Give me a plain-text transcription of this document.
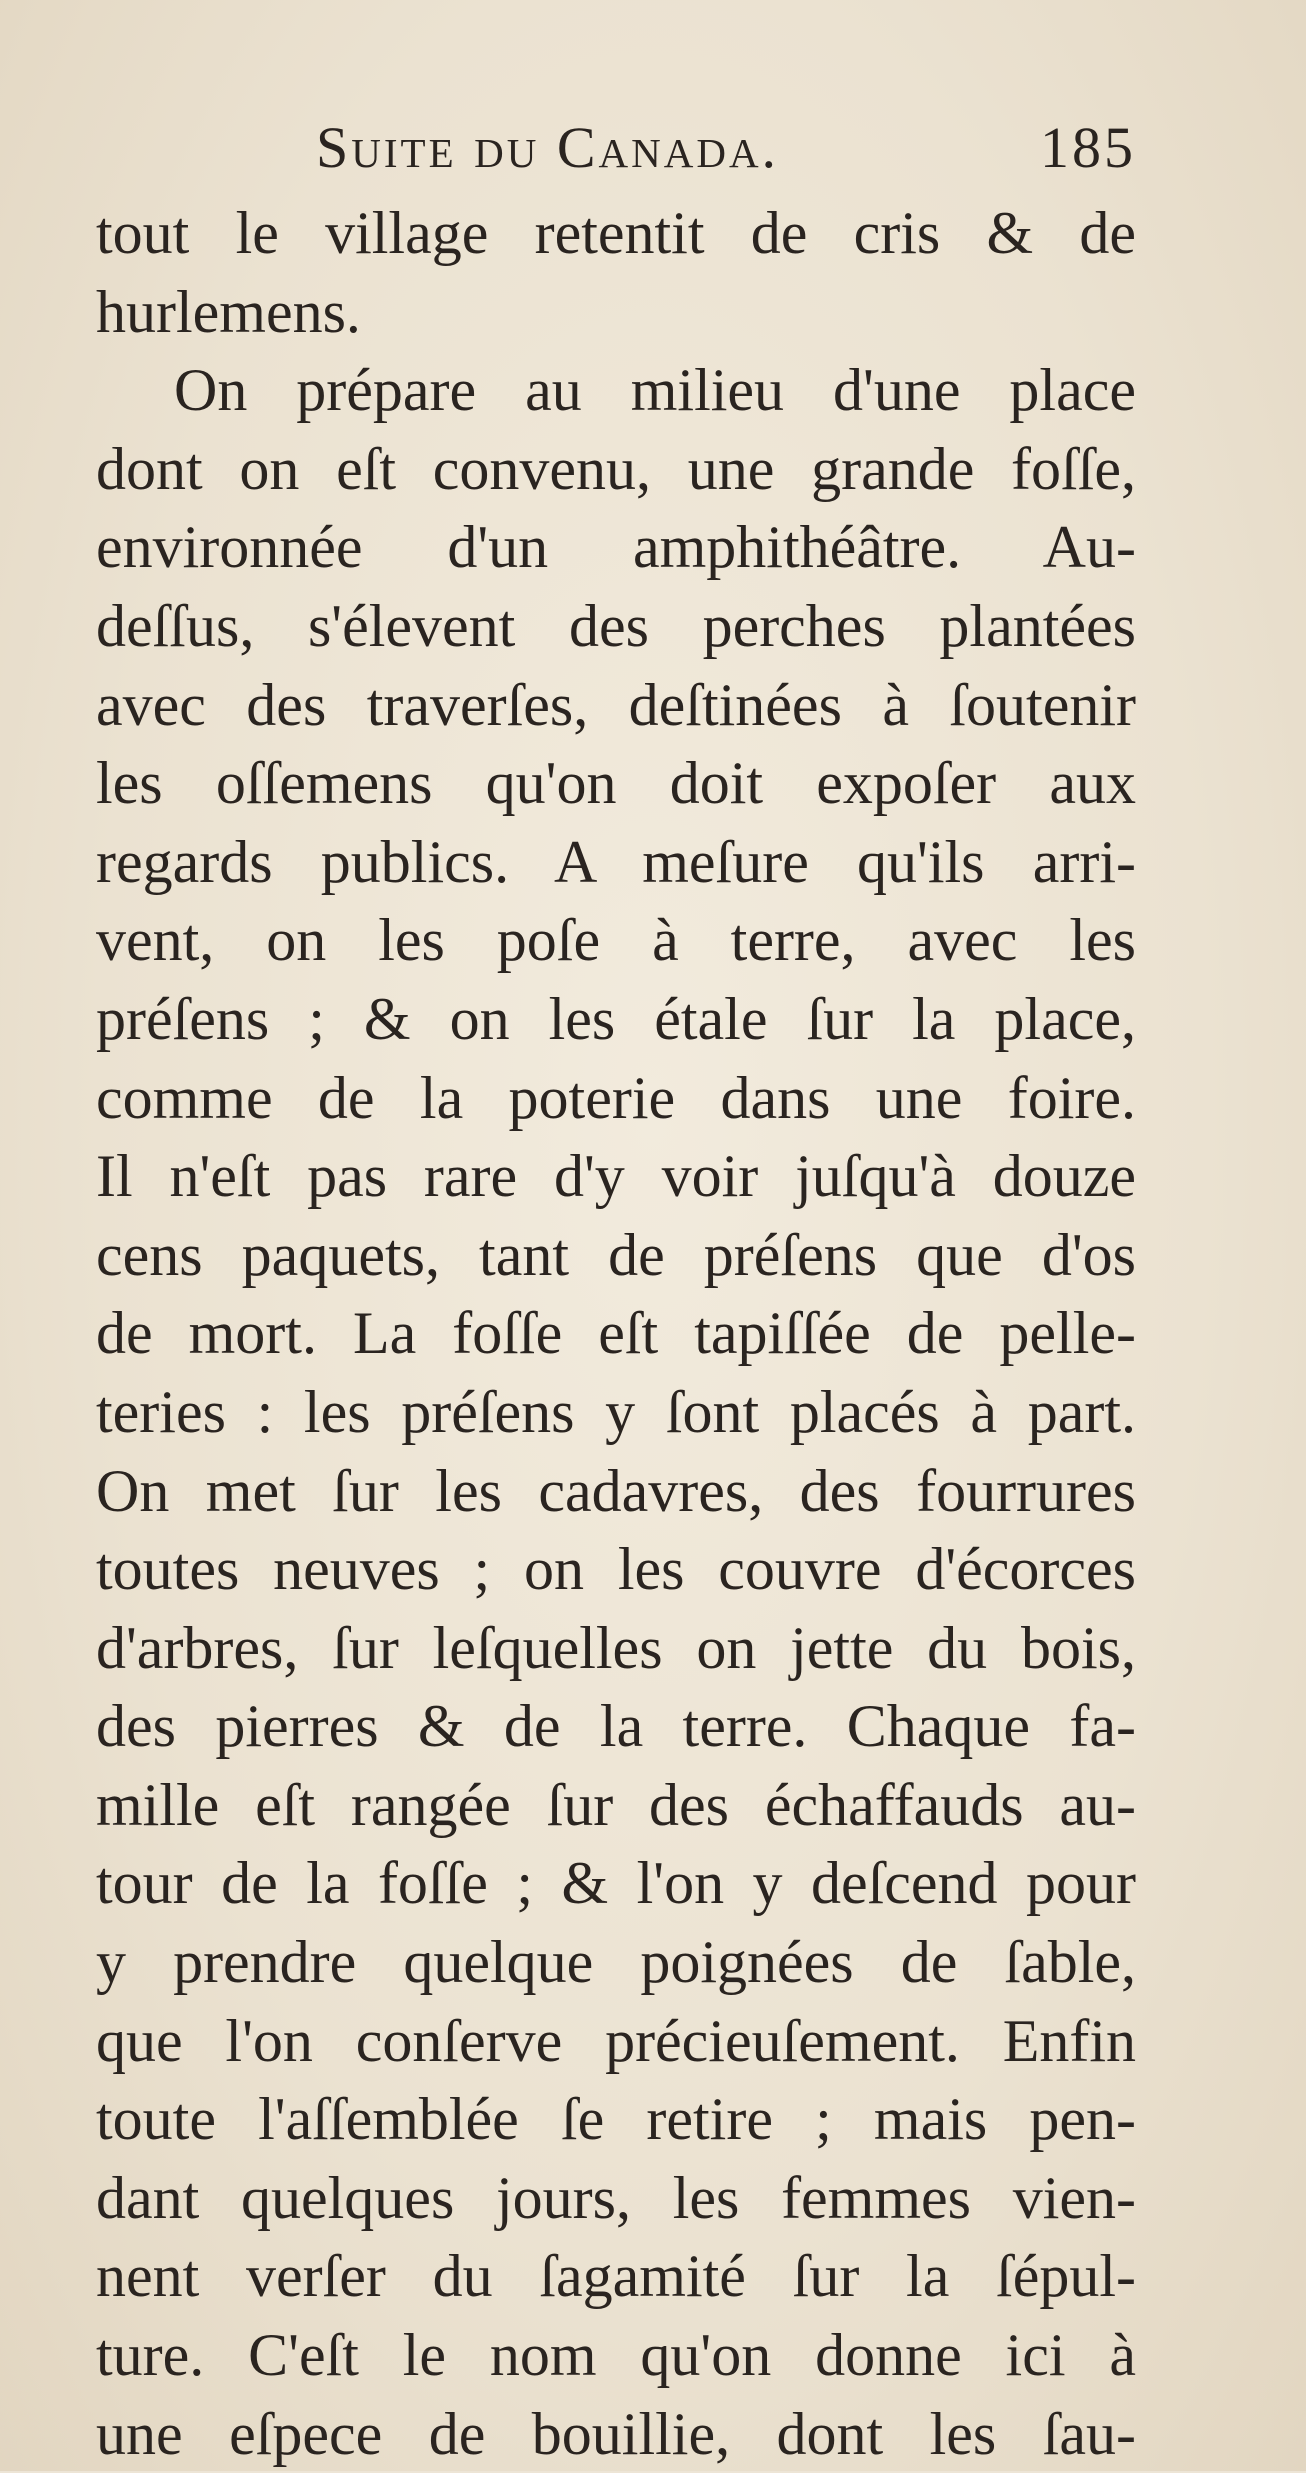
Suite du Canada.	185
tout le village retentit de cris & de
hurlemens.
On prépare au milieu d'une place
dont on eſt convenu, une grande foſſe,
environnée d'un amphithéâtre. Au-
deſſus, s'élevent des perches plantées
avec des traverſes, deſtinées à ſoutenir
les oſſemens qu'on doit expoſer aux
regards publics. A meſure qu'ils arri-
vent, on les poſe à terre, avec les
préſens ; & on les étale ſur la place,
comme de la poterie dans une foire.
Il n'eſt pas rare d'y voir juſqu'à douze
cens paquets, tant de préſens que d'os
de mort. La foſſe eſt tapiſſée de pelle-
teries : les préſens y ſont placés à part.
On met ſur les cadavres, des fourrures
toutes neuves ; on les couvre d'écorces
d'arbres, ſur leſquelles on jette du bois,
des pierres & de la terre. Chaque fa-
mille eſt rangée ſur des échaffauds au-
tour de la foſſe ; & l'on y deſcend pour
y prendre quelque poignées de ſable,
que l'on conſerve précieuſement. Enfin
toute l'aſſemblée ſe retire ; mais pen-
dant quelques jours, les femmes vien-
nent verſer du ſagamité ſur la ſépul-
ture. C'eſt le nom qu'on donne ici à
une eſpece de bouillie, dont les ſau-
